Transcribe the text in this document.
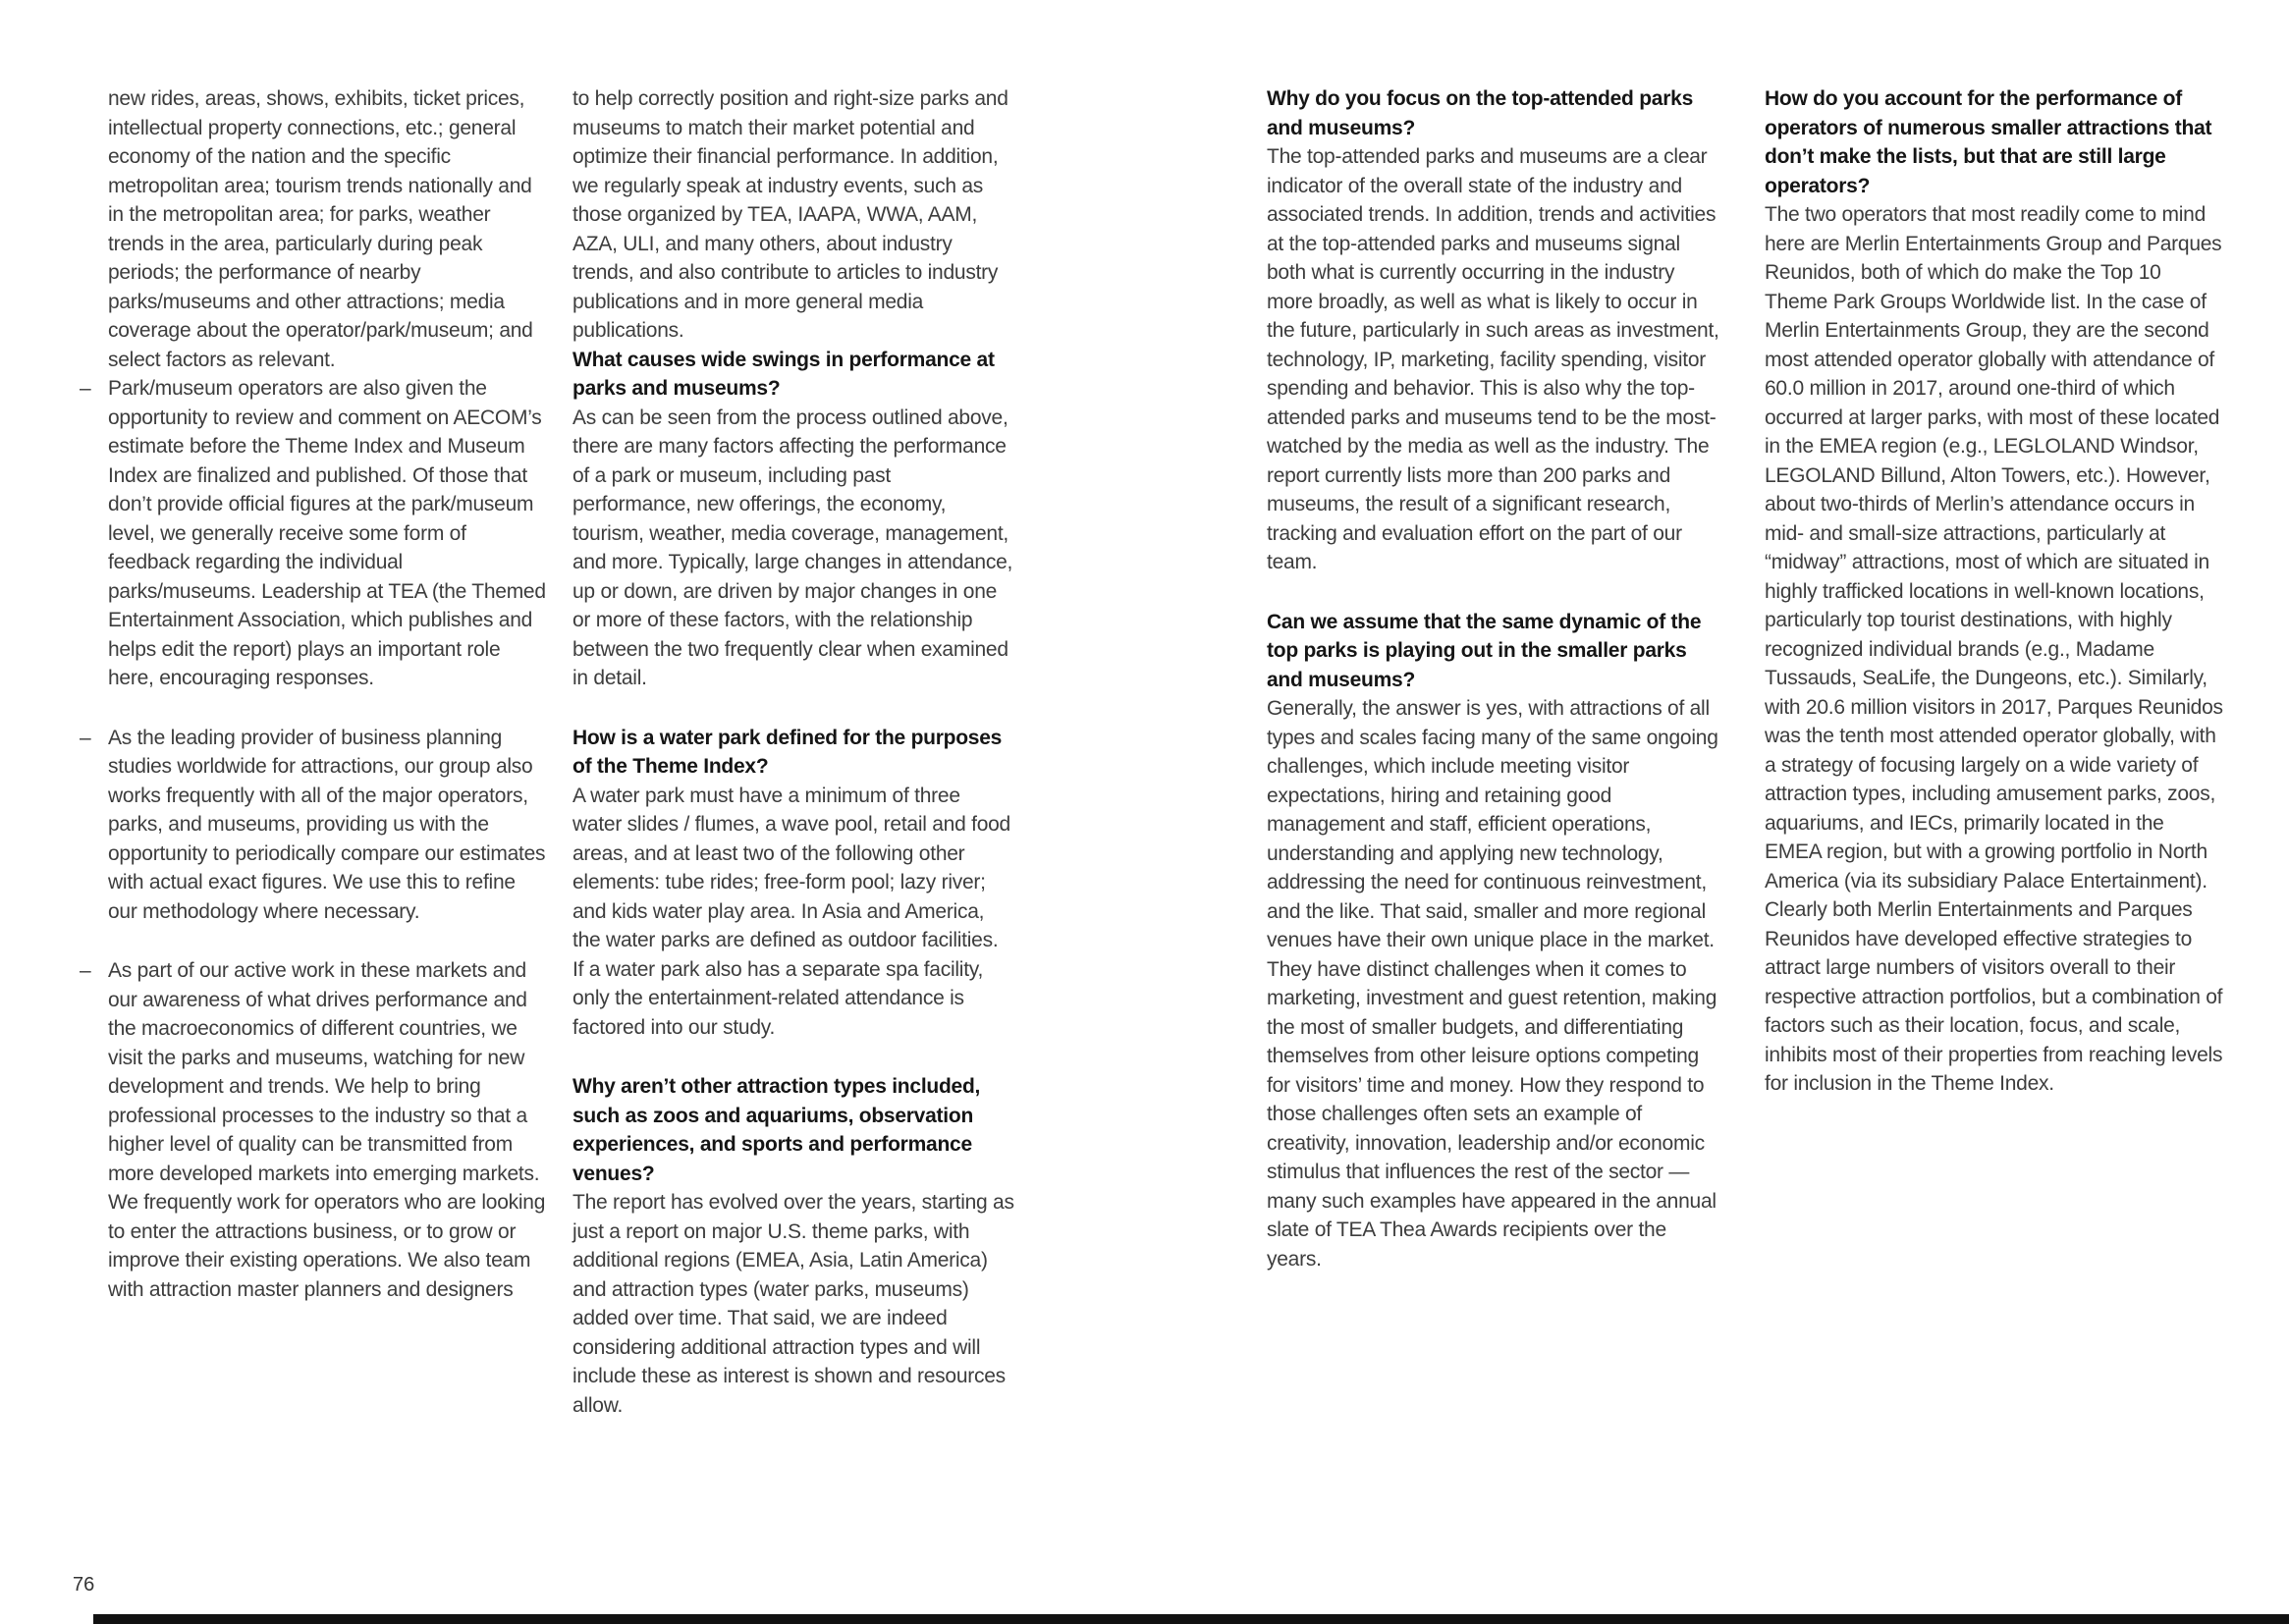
new rides, areas, shows, exhibits, ticket prices, intellectual property connections, etc.; general economy of the nation and the specific metropolitan area; tourism trends nationally and in the metropolitan area; for parks, weather trends in the area, particularly during peak periods; the performance of nearby parks/museums and other attractions; media coverage about the operator/park/museum; and select factors as relevant.

– Park/museum operators are also given the opportunity to review and comment on AECOM’s estimate before the Theme Index and Museum Index are finalized and published. Of those that don’t provide official figures at the park/museum level, we generally receive some form of feedback regarding the individual parks/museums. Leadership at TEA (the Themed Entertainment Association, which publishes and helps edit the report) plays an important role here, encouraging responses.

– As the leading provider of business planning studies worldwide for attractions, our group also works frequently with all of the major operators, parks, and museums, providing us with the opportunity to periodically compare our estimates with actual exact figures. We use this to refine our methodology where necessary.

– As part of our active work in these markets and our awareness of what drives performance and the macroeconomics of different countries, we visit the parks and museums, watching for new development and trends. We help to bring professional processes to the industry so that a higher level of quality can be transmitted from more developed markets into emerging markets. We frequently work for operators who are looking to enter the attractions business, or to grow or improve their existing operations. We also team with attraction master planners and designers

to help correctly position and right-size parks and museums to match their market potential and optimize their financial performance. In addition, we regularly speak at industry events, such as those organized by TEA, IAAPA, WWA, AAM, AZA, ULI, and many others, about industry trends, and also contribute to articles to industry publications and in more general media publications.

What causes wide swings in performance at parks and museums?

As can be seen from the process outlined above, there are many factors affecting the performance of a park or museum, including past performance, new offerings, the economy, tourism, weather, media coverage, management, and more. Typically, large changes in attendance, up or down, are driven by major changes in one or more of these factors, with the relationship between the two frequently clear when examined in detail.

How is a water park defined for the purposes of the Theme Index?

A water park must have a minimum of three water slides / flumes, a wave pool, retail and food areas, and at least two of the following other elements: tube rides; free-form pool; lazy river; and kids water play area. In Asia and America, the water parks are defined as outdoor facilities. If a water park also has a separate spa facility, only the entertainment-related attendance is factored into our study.

Why aren’t other attraction types included, such as zoos and aquariums, observation experiences, and sports and performance venues?

The report has evolved over the years, starting as just a report on major U.S. theme parks, with additional regions (EMEA, Asia, Latin America) and attraction types (water parks, museums) added over time. That said, we are indeed considering additional attraction types and will include these as interest is shown and resources allow.

Why do you focus on the top-attended parks and museums?

The top-attended parks and museums are a clear indicator of the overall state of the industry and associated trends. In addition, trends and activities at the top-attended parks and museums signal both what is currently occurring in the industry more broadly, as well as what is likely to occur in the future, particularly in such areas as investment, technology, IP, marketing, facility spending, visitor spending and behavior. This is also why the top-attended parks and museums tend to be the most-watched by the media as well as the industry. The report currently lists more than 200 parks and museums, the result of a significant research, tracking and evaluation effort on the part of our team.

Can we assume that the same dynamic of the top parks is playing out in the smaller parks and museums?

Generally, the answer is yes, with attractions of all types and scales facing many of the same ongoing challenges, which include meeting visitor expectations, hiring and retaining good management and staff, efficient operations, understanding and applying new technology, addressing the need for continuous reinvestment, and the like. That said, smaller and more regional venues have their own unique place in the market. They have distinct challenges when it comes to marketing, investment and guest retention, making the most of smaller budgets, and differentiating themselves from other leisure options competing for visitors’ time and money. How they respond to those challenges often sets an example of creativity, innovation, leadership and/or economic stimulus that influences the rest of the sector — many such examples have appeared in the annual slate of TEA Thea Awards recipients over the years.

How do you account for the performance of operators of numerous smaller attractions that don’t make the lists, but that are still large operators?

The two operators that most readily come to mind here are Merlin Entertainments Group and Parques Reunidos, both of which do make the Top 10 Theme Park Groups Worldwide list. In the case of Merlin Entertainments Group, they are the second most attended operator globally with attendance of 60.0 million in 2017, around one-third of which occurred at larger parks, with most of these located in the EMEA region (e.g., LEGLOLAND Windsor, LEGOLAND Billund, Alton Towers, etc.). However, about two-thirds of Merlin’s attendance occurs in mid- and small-size attractions, particularly at “midway” attractions, most of which are situated in highly trafficked locations in well-known locations, particularly top tourist destinations, with highly recognized individual brands (e.g., Madame Tussauds, SeaLife, the Dungeons, etc.). Similarly, with 20.6 million visitors in 2017, Parques Reunidos was the tenth most attended operator globally, with a strategy of focusing largely on a wide variety of attraction types, including amusement parks, zoos, aquariums, and IECs, primarily located in the EMEA region, but with a growing portfolio in North America (via its subsidiary Palace Entertainment). Clearly both Merlin Entertainments and Parques Reunidos have developed effective strategies to attract large numbers of visitors overall to their respective attraction portfolios, but a combination of factors such as their location, focus, and scale, inhibits most of their properties from reaching levels for inclusion in the Theme Index.

76
